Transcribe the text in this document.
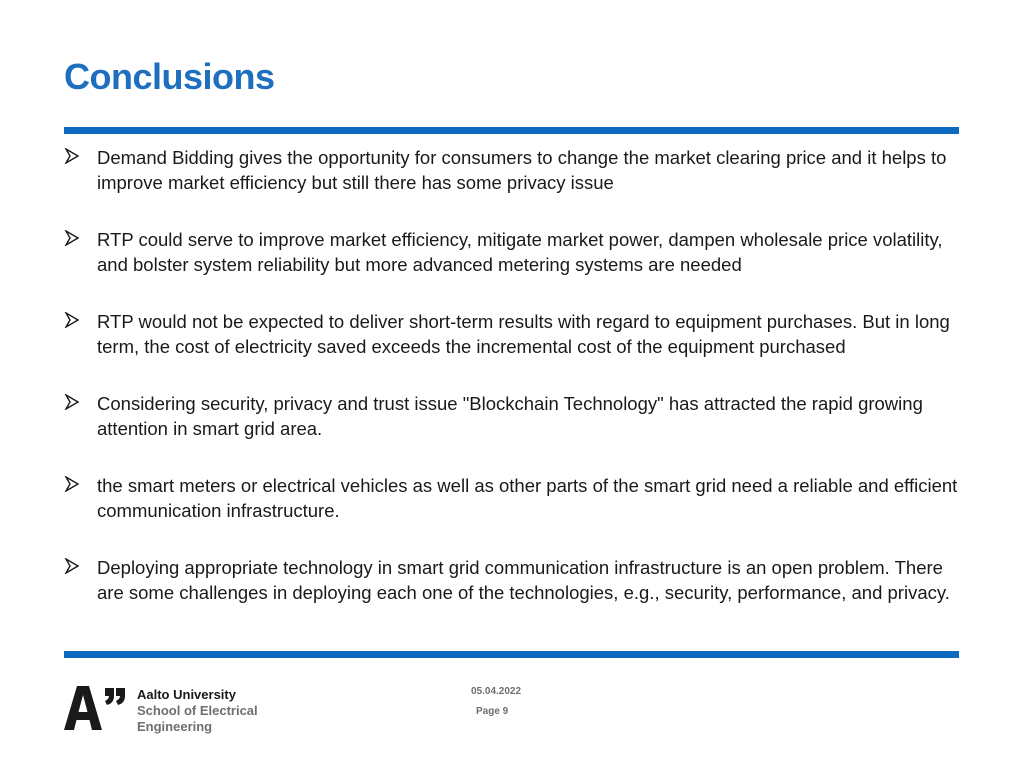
Conclusions
Demand Bidding gives the opportunity for consumers to change the market clearing price and it helps to improve market efficiency but still there has some privacy issue
RTP could serve to improve market efficiency, mitigate market power, dampen wholesale price volatility, and bolster system reliability but more advanced metering systems are needed
RTP would not be expected to deliver short-term results with regard to equipment purchases. But in long term, the cost of electricity saved exceeds the incremental cost of the equipment purchased
Considering security, privacy and trust issue "Blockchain Technology" has attracted the rapid growing attention in smart grid area.
the smart meters or electrical vehicles as well as other parts of the smart grid need a reliable and efficient communication infrastructure.
Deploying appropriate technology in smart grid communication infrastructure is an open problem. There are some challenges in deploying each one of the technologies, e.g., security, performance, and privacy.
Aalto University
School of Electrical
Engineering
05.04.2022
Page 9
